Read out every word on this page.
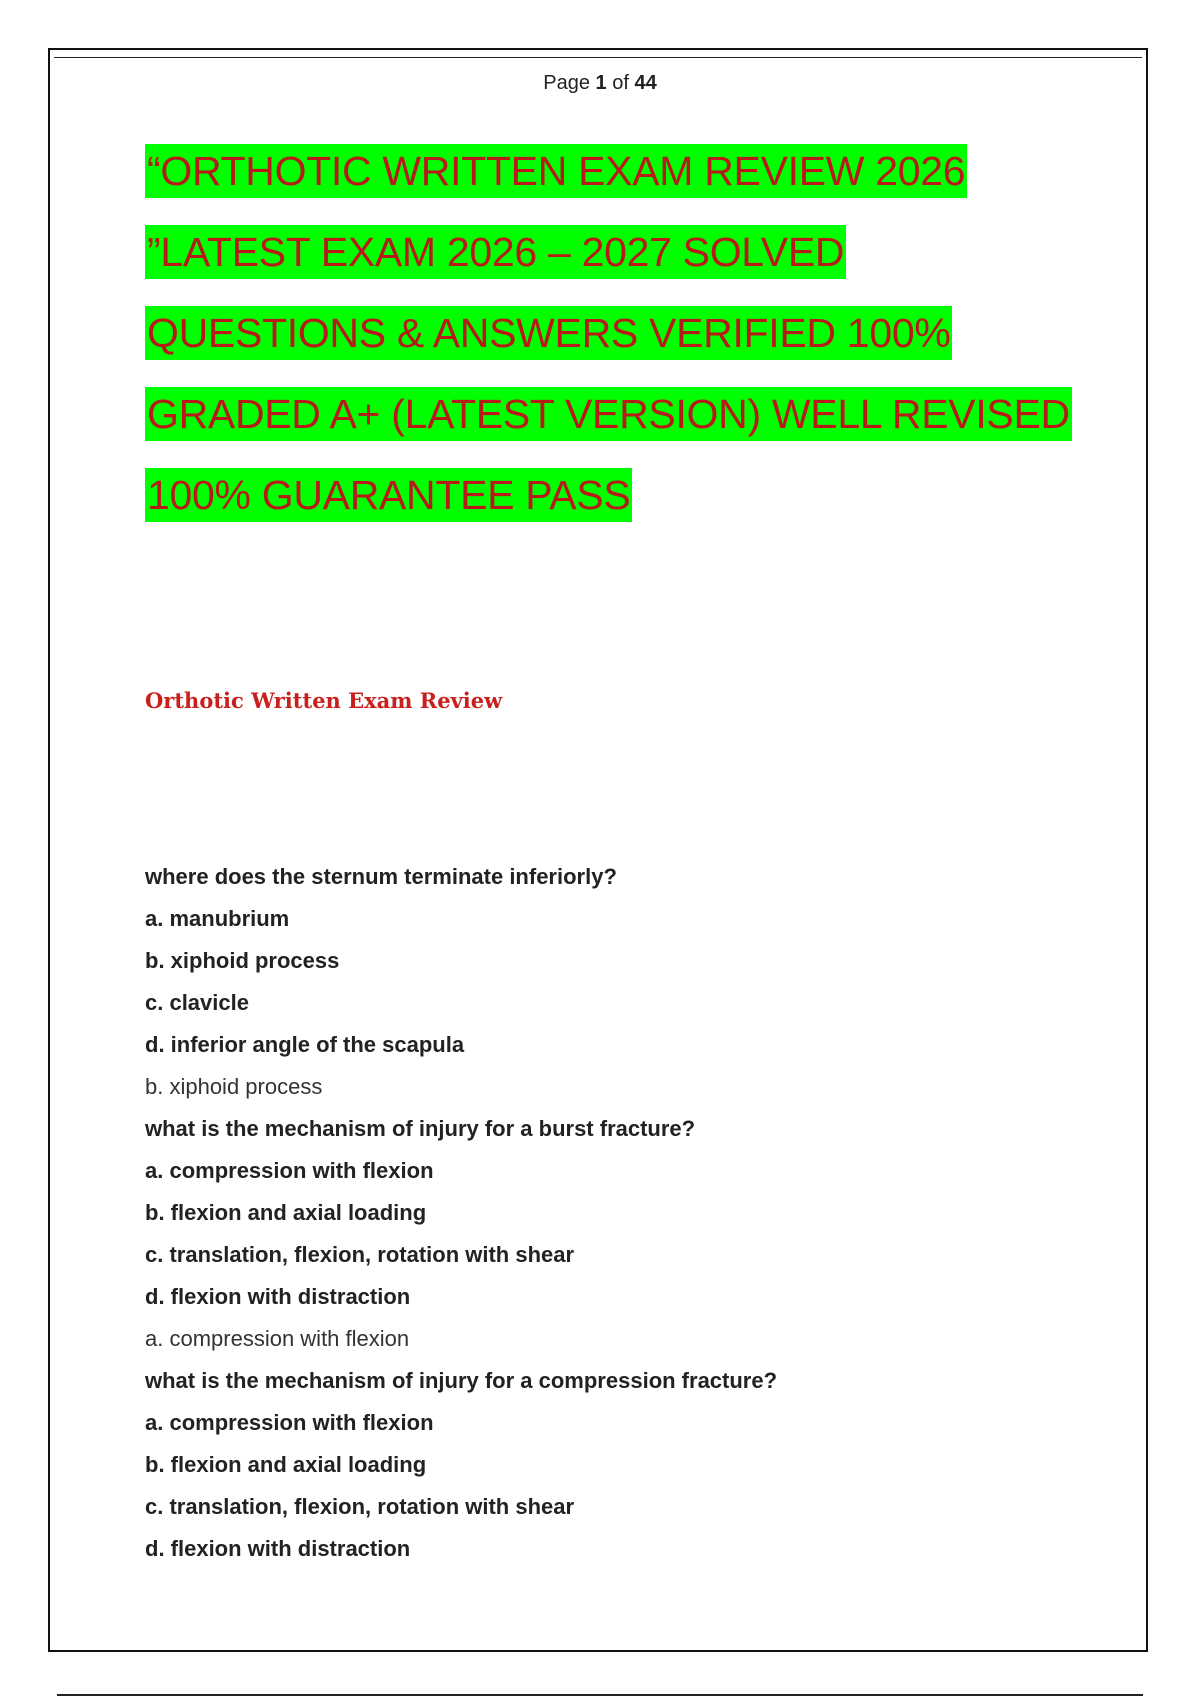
Page 1 of 44
“ORTHOTIC WRITTEN EXAM REVIEW 2026
”LATEST EXAM 2026 – 2027 SOLVED
QUESTIONS & ANSWERS VERIFIED 100%
GRADED A+ (LATEST VERSION) WELL REVISED
100% GUARANTEE PASS
Orthotic Written Exam Review
where does the sternum terminate inferiorly?
a. manubrium
b. xiphoid process
c. clavicle
d. inferior angle of the scapula
b. xiphoid process
what is the mechanism of injury for a burst fracture?
a. compression with flexion
b. flexion and axial loading
c. translation, flexion, rotation with shear
d. flexion with distraction
a. compression with flexion
what is the mechanism of injury for a compression fracture?
a. compression with flexion
b. flexion and axial loading
c. translation, flexion, rotation with shear
d. flexion with distraction
